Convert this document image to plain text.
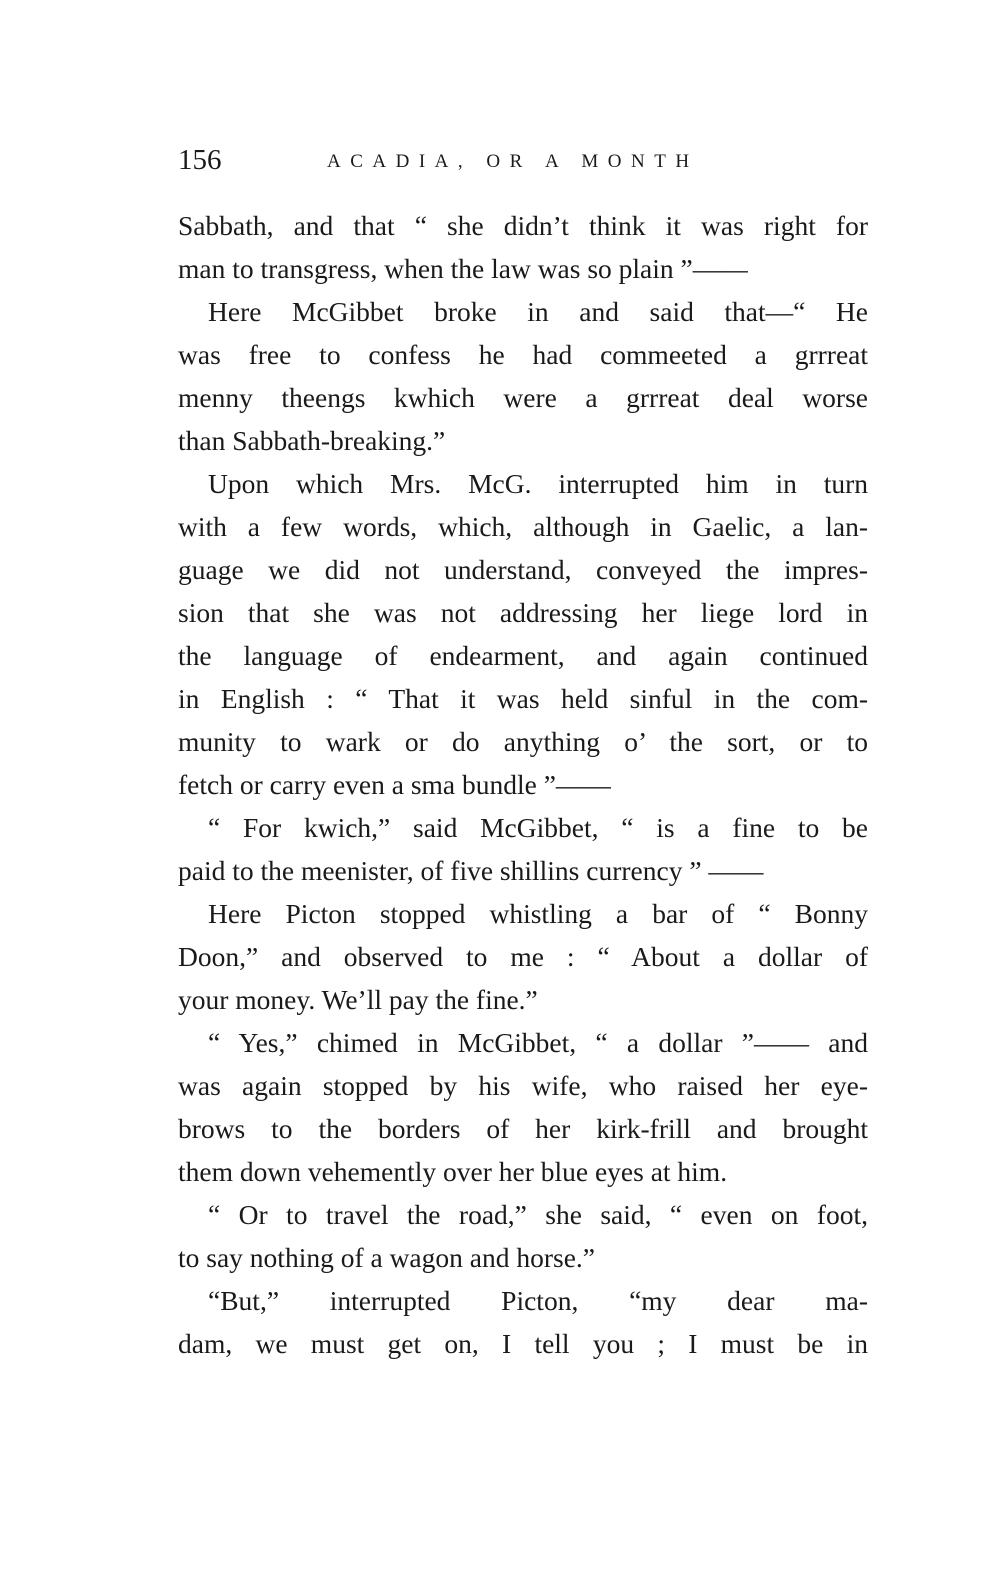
156	ACADIA, OR A MONTH
Sabbath, and that “ she didn’t think it was right for
man to transgress, when the law was so plain ”——
Here McGibbet broke in and said that—“ He
was free to confess he had commeeted a grrreat
menny theengs kwhich were a grrreat deal worse
than Sabbath-breaking.”
Upon which Mrs. McG. interrupted him in turn
with a few words, which, although in Gaelic, a lan-
guage we did not understand, conveyed the impres-
sion that she was not addressing her liege lord in
the language of endearment, and again continued
in English : “ That it was held sinful in the com-
munity to wark or do anything o’ the sort, or to
fetch or carry even a sma bundle ”——
“ For kwich,” said McGibbet, “ is a fine to be
paid to the meenister, of five shillins currency ” ——
Here Picton stopped whistling a bar of “ Bonny
Doon,” and observed to me : “ About a dollar of
your money. We’ll pay the fine.”
“ Yes,” chimed in McGibbet, “ a dollar ”—— and
was again stopped by his wife, who raised her eye-
brows to the borders of her kirk-frill and brought
them down vehemently over her blue eyes at him.
“ Or to travel the road,” she said, “ even on foot,
to say nothing of a wagon and horse.”
“But,” interrupted Picton, “my dear ma-
dam, we must get on, I tell you ; I must be in
